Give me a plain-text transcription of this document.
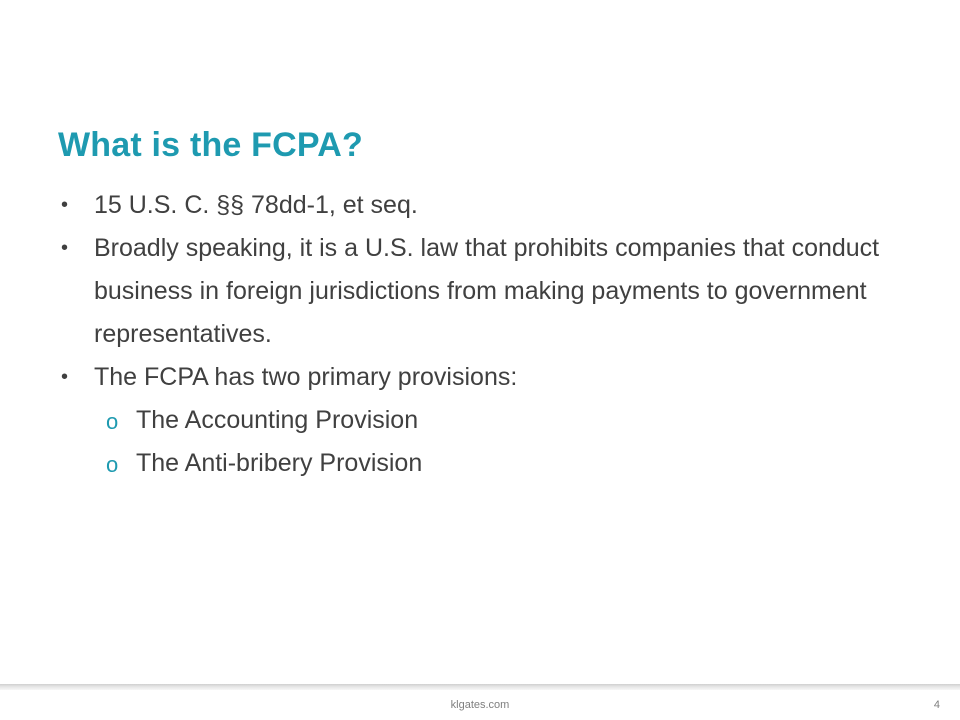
What is the FCPA?
• 15 U.S. C. §§ 78dd-1, et seq.
• Broadly speaking, it is a U.S. law that prohibits companies that conduct business in foreign jurisdictions from making payments to government representatives.
• The FCPA has two primary provisions:
o The Accounting Provision
o The Anti-bribery Provision
klgates.com	4
